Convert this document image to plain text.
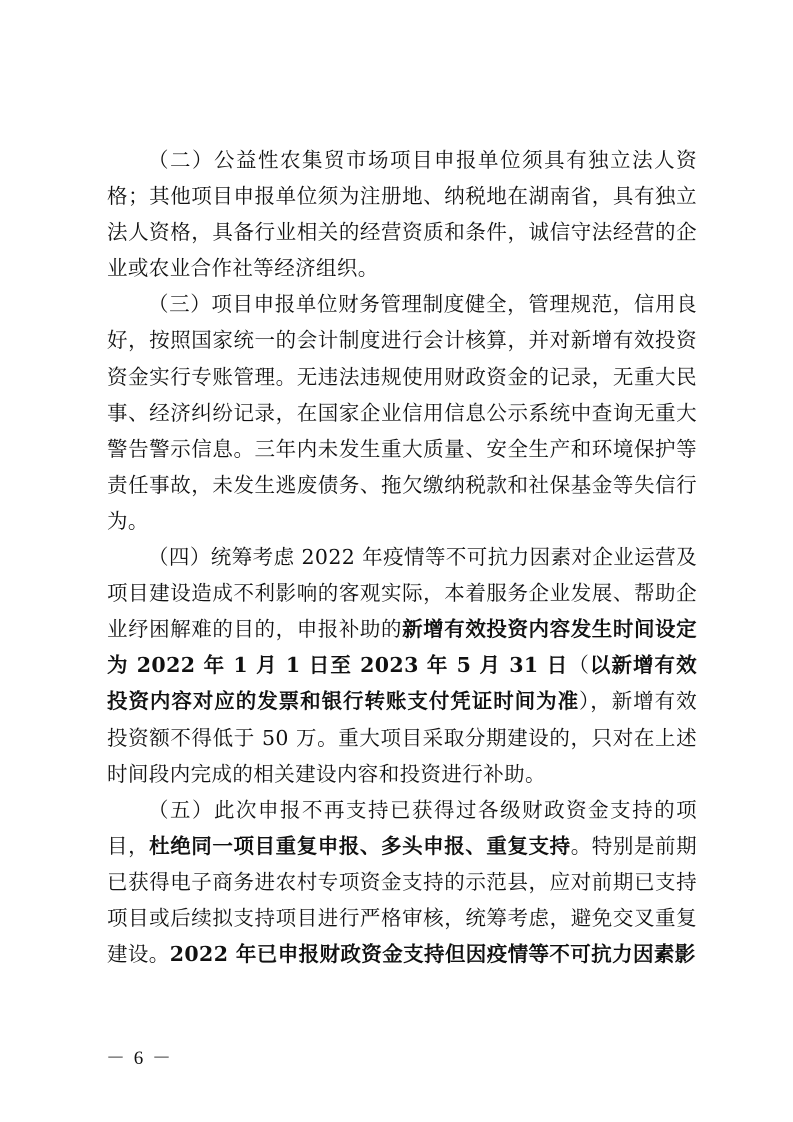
（二）公益性农集贸市场项目申报单位须具有独立法人资格；其他项目申报单位须为注册地、纳税地在湖南省，具有独立法人资格，具备行业相关的经营资质和条件，诚信守法经营的企业或农业合作社等经济组织。

（三）项目申报单位财务管理制度健全，管理规范，信用良好，按照国家统一的会计制度进行会计核算，并对新增有效投资资金实行专账管理。无违法违规使用财政资金的记录，无重大民事、经济纠纷记录，在国家企业信用信息公示系统中查询无重大警告警示信息。三年内未发生重大质量、安全生产和环境保护等责任事故，未发生逃废债务、拖欠缴纳税款和社保基金等失信行为。

（四）统筹考虑 2022 年疫情等不可抗力因素对企业运营及项目建设造成不利影响的客观实际，本着服务企业发展、帮助企业纾困解难的目的，申报补助的新增有效投资内容发生时间设定为 2022 年 1 月 1 日至 2023 年 5 月 31 日（以新增有效投资内容对应的发票和银行转账支付凭证时间为准），新增有效投资额不得低于 50 万。重大项目采取分期建设的，只对在上述时间段内完成的相关建设内容和投资进行补助。

（五）此次申报不再支持已获得过各级财政资金支持的项目，杜绝同一项目重复申报、多头申报、重复支持。特别是前期已获得电子商务进农村专项资金支持的示范县，应对前期已支持项目或后续拟支持项目进行严格审核，统筹考虑，避免交叉重复建设。2022 年已申报财政资金支持但因疫情等不可抗力因素影

－ 6 －
